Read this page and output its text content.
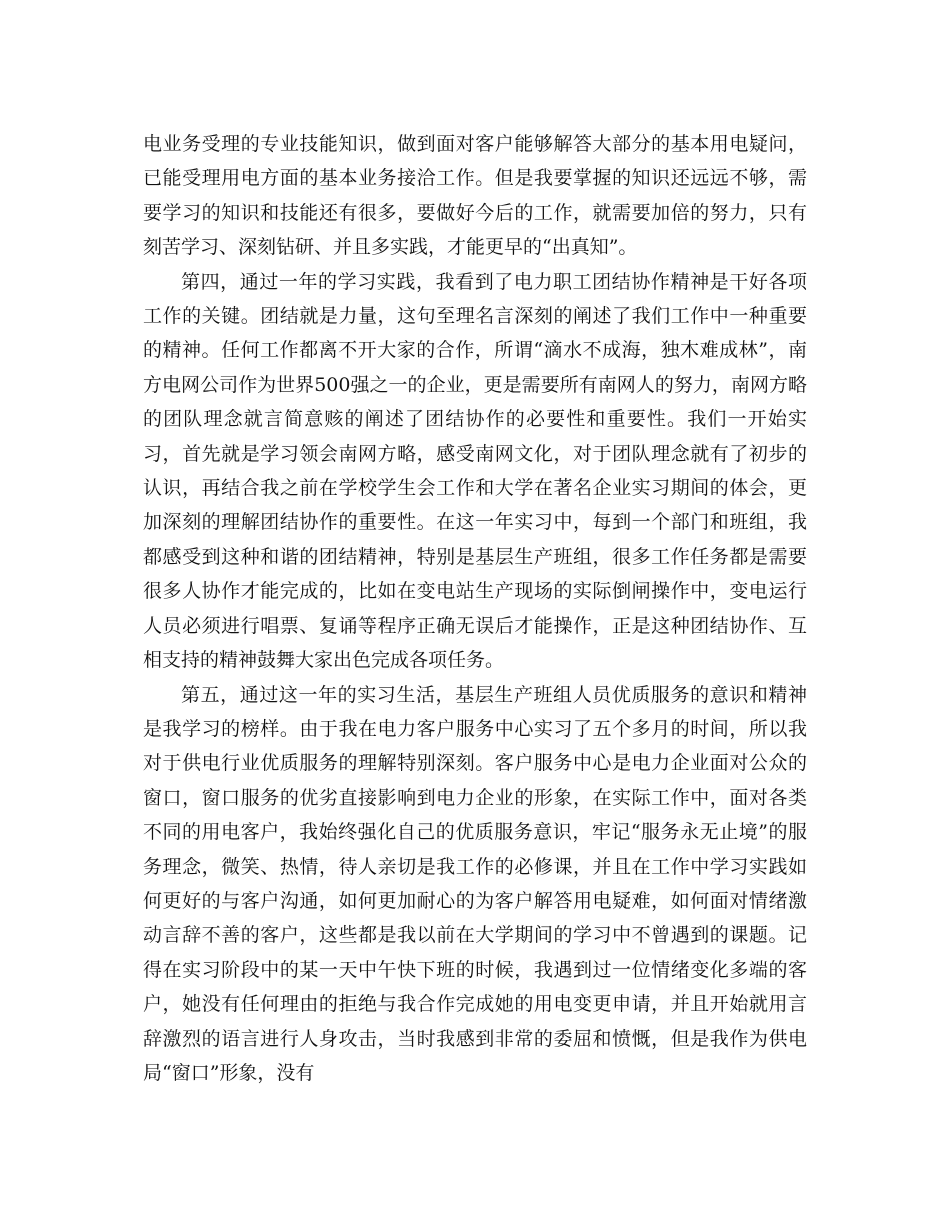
电业务受理的专业技能知识，做到面对客户能够解答大部分的基本用电疑问，已能受理用电方面的基本业务接洽工作。但是我要掌握的知识还远远不够，需要学习的知识和技能还有很多，要做好今后的工作，就需要加倍的努力，只有刻苦学习、深刻钻研、并且多实践，才能更早的“出真知”。

第四，通过一年的学习实践，我看到了电力职工团结协作精神是干好各项工作的关键。团结就是力量，这句至理名言深刻的阐述了我们工作中一种重要的精神。任何工作都离不开大家的合作，所谓“滴水不成海，独木难成林”，南方电网公司作为世界500强之一的企业，更是需要所有南网人的努力，南网方略的团队理念就言简意赅的阐述了团结协作的必要性和重要性。我们一开始实习，首先就是学习领会南网方略，感受南网文化，对于团队理念就有了初步的认识，再结合我之前在学校学生会工作和大学在著名企业实习期间的体会，更加深刻的理解团结协作的重要性。在这一年实习中，每到一个部门和班组，我都感受到这种和谐的团结精神，特别是基层生产班组，很多工作任务都是需要很多人协作才能完成的，比如在变电站生产现场的实际倒闸操作中，变电运行人员必须进行唱票、复诵等程序正确无误后才能操作，正是这种团结协作、互相支持的精神鼓舞大家出色完成各项任务。

第五，通过这一年的实习生活，基层生产班组人员优质服务的意识和精神是我学习的榜样。由于我在电力客户服务中心实习了五个多月的时间，所以我对于供电行业优质服务的理解特别深刻。客户服务中心是电力企业面对公众的窗口，窗口服务的优劣直接影响到电力企业的形象，在实际工作中，面对各类不同的用电客户，我始终强化自己的优质服务意识，牢记“服务永无止境”的服务理念，微笑、热情，待人亲切是我工作的必修课，并且在工作中学习实践如何更好的与客户沟通，如何更加耐心的为客户解答用电疑难，如何面对情绪激动言辞不善的客户，这些都是我以前在大学期间的学习中不曾遇到的课题。记得在实习阶段中的某一天中午快下班的时候，我遇到过一位情绪变化多端的客户，她没有任何理由的拒绝与我合作完成她的用电变更申请，并且开始就用言辞激烈的语言进行人身攻击，当时我感到非常的委屈和愤慨，但是我作为供电局“窗口”形象，没有
